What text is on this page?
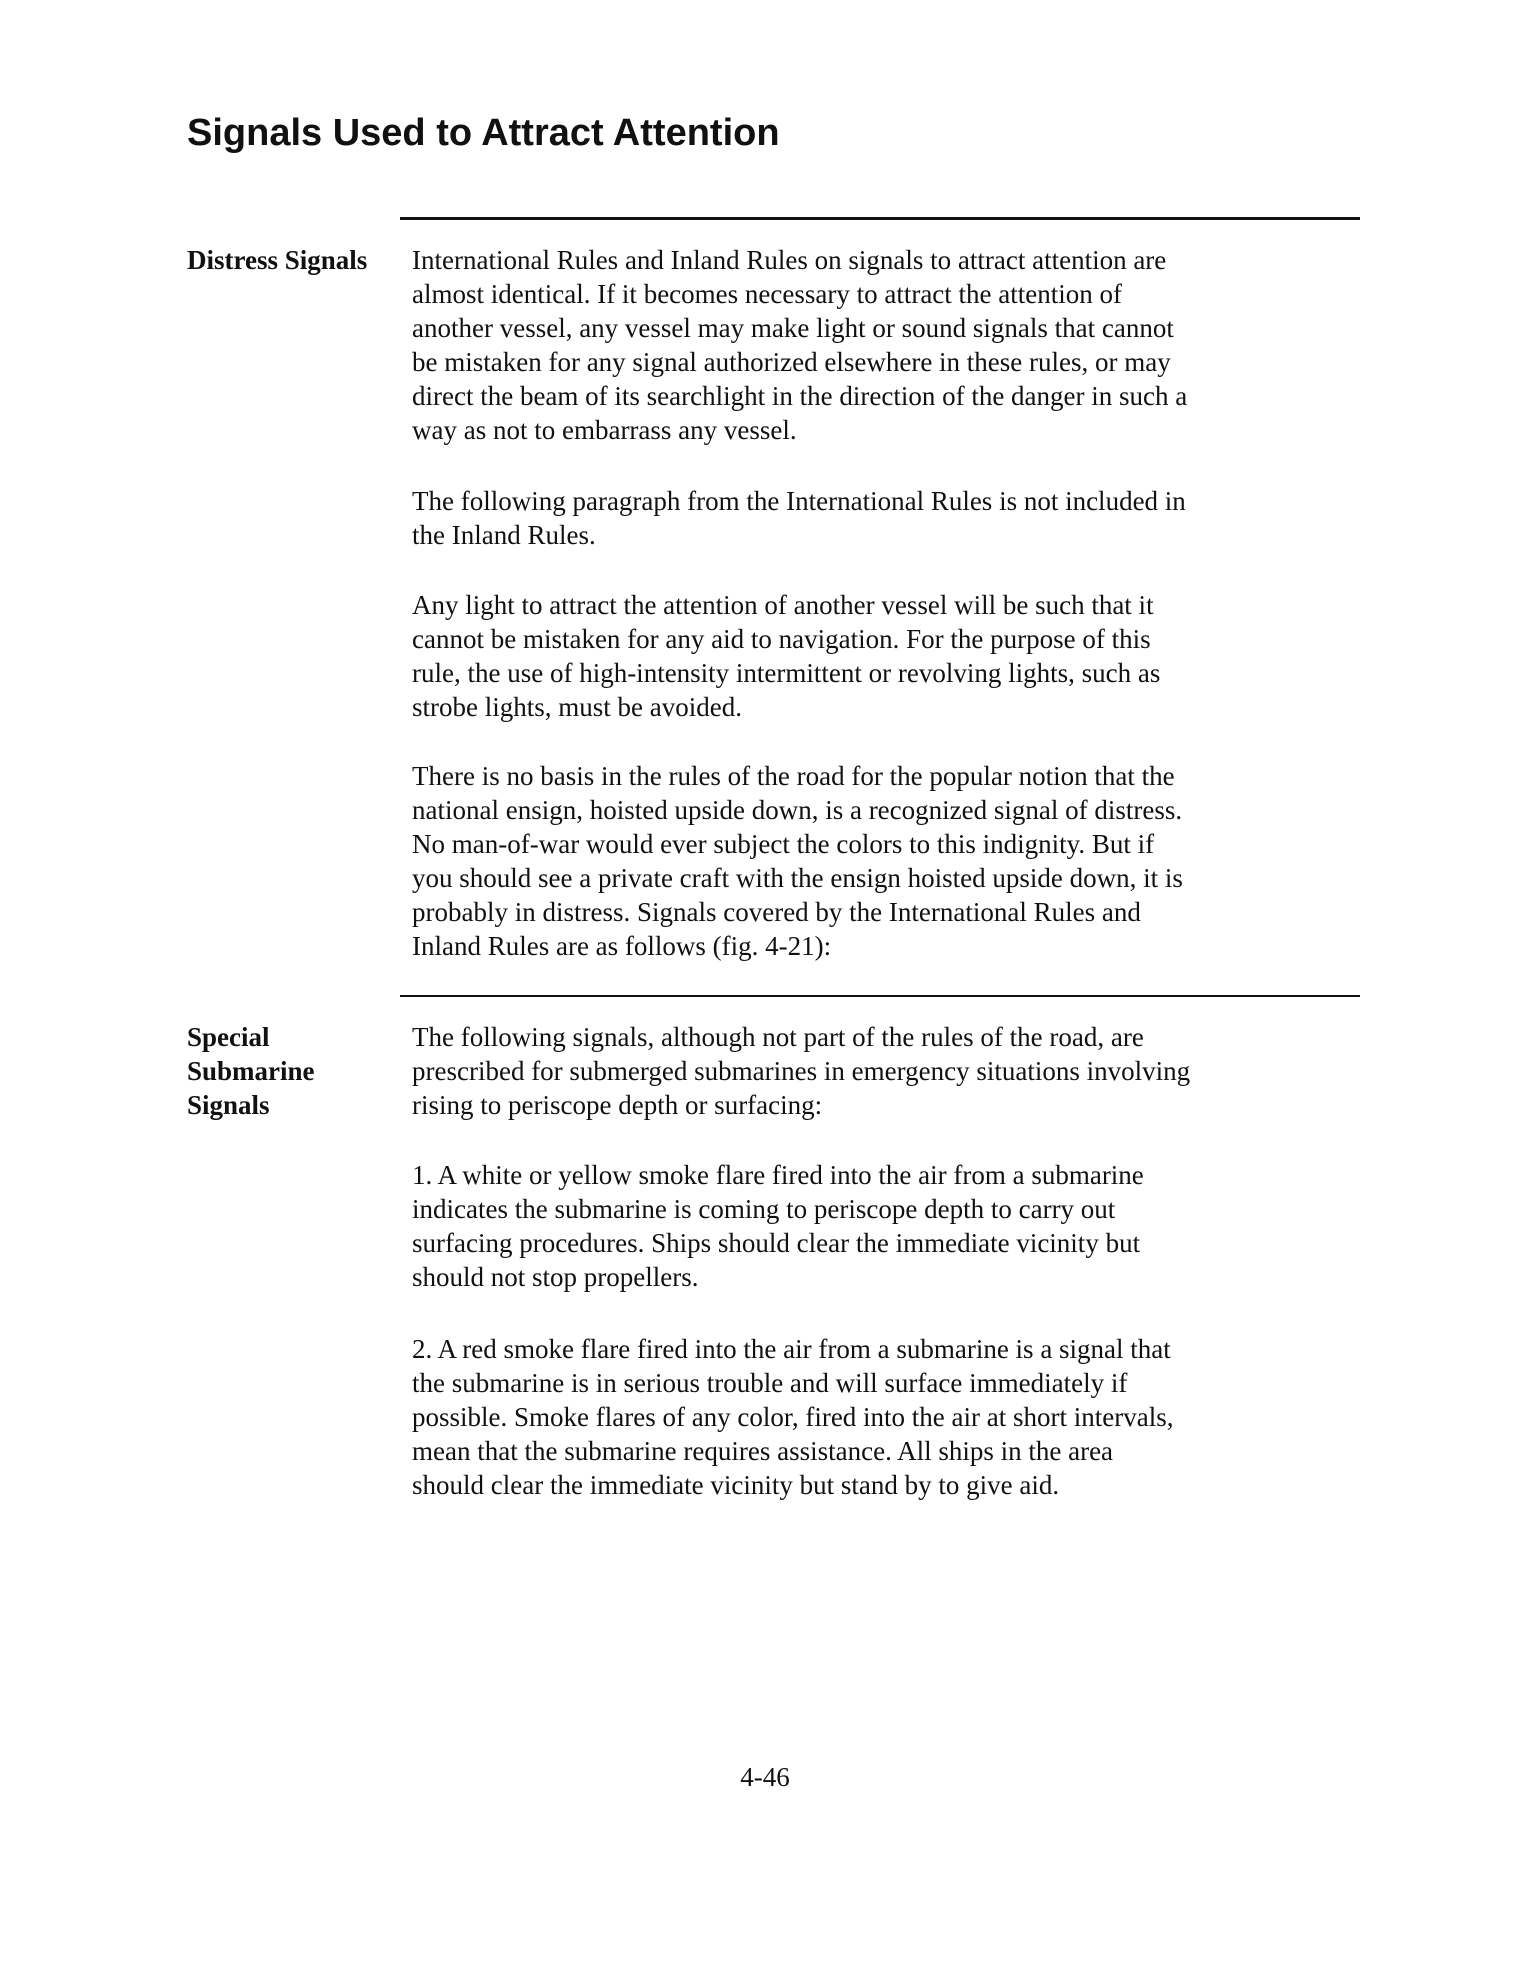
Signals Used to Attract Attention
Distress Signals International Rules and Inland Rules on signals to attract attention are
almost identical. If it becomes necessary to attract the attention of
another vessel, any vessel may make light or sound signals that cannot
be mistaken for any signal authorized elsewhere in these rules, or may
direct the beam of its searchlight in the direction of the danger in such a
way as not to embarrass any vessel.
The following paragraph from the International Rules is not included in
the Inland Rules.
Any light to attract the attention of another vessel will be such that it
cannot be mistaken for any aid to navigation. For the purpose of this
rule, the use of high-intensity intermittent or revolving lights, such as
strobe lights, must be avoided.
There is no basis in the rules of the road for the popular notion that the
national ensign, hoisted upside down, is a recognized signal of distress.
No man-of-war would ever subject the colors to this indignity. But if
you should see a private craft with the ensign hoisted upside down, it is
probably in distress. Signals covered by the International Rules and
Inland Rules are as follows (fig. 4-21):
Special
Submarine
Signals
The following signals, although not part of the rules of the road, are
prescribed for submerged submarines in emergency situations involving
rising to periscope depth or surfacing:
1. A white or yellow smoke flare fired into the air from a submarine
indicates the submarine is coming to periscope depth to carry out
surfacing procedures. Ships should clear the immediate vicinity but
should not stop propellers.
2. A red smoke flare fired into the air from a submarine is a signal that
the submarine is in serious trouble and will surface immediately if
possible. Smoke flares of any color, fired into the air at short intervals,
mean that the submarine requires assistance. All ships in the area
should clear the immediate vicinity but stand by to give aid.
4-46
